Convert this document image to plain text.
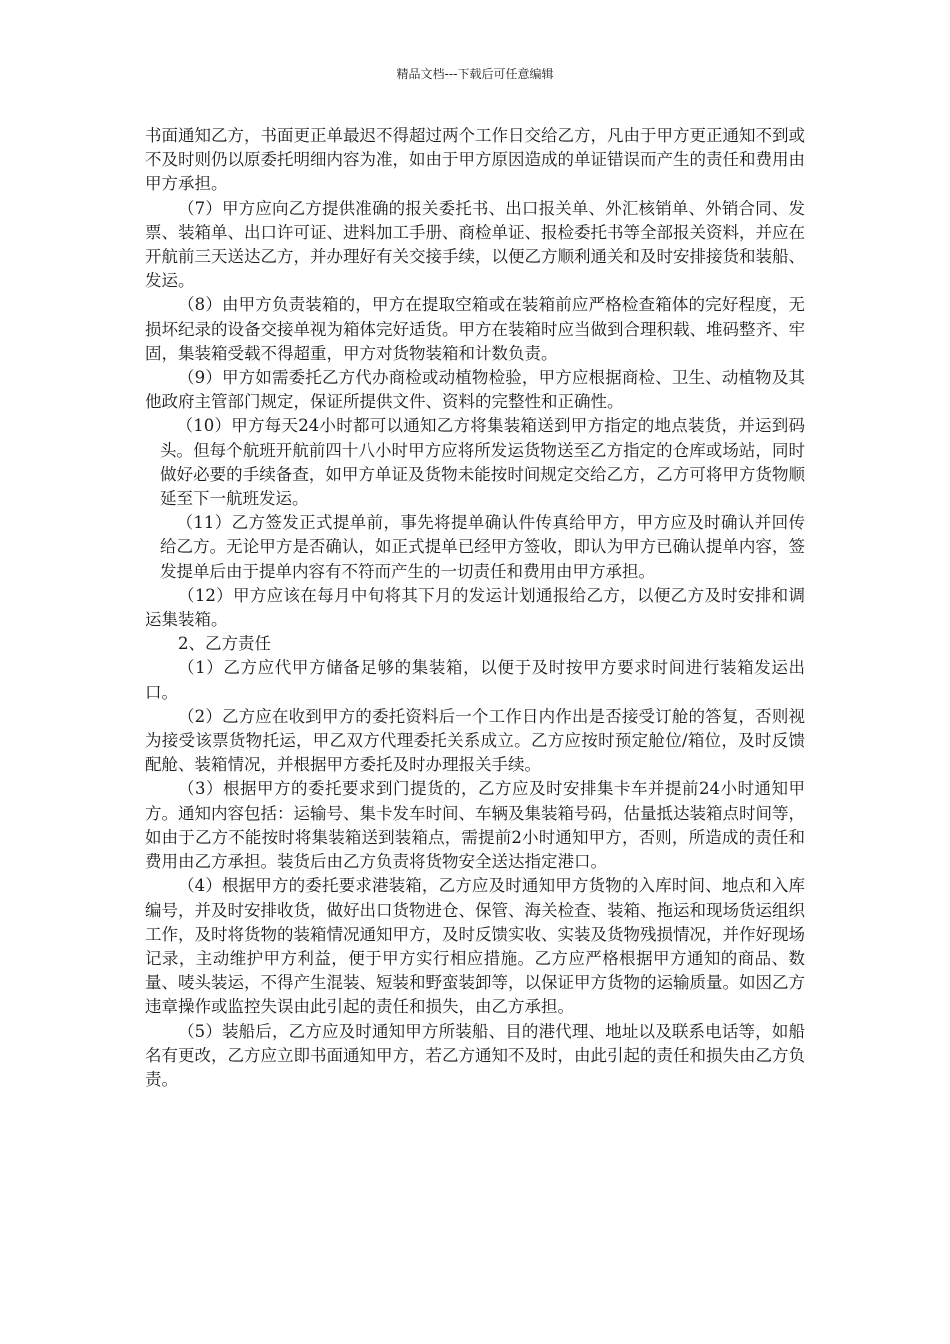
精品文档---下载后可任意编辑

书面通知乙方，书面更正单最迟不得超过两个工作日交给乙方，凡由于甲方更正通知不到或不及时则仍以原委托明细内容为准，如由于甲方原因造成的单证错误而产生的责任和费用由甲方承担。

（7）甲方应向乙方提供准确的报关委托书、出口报关单、外汇核销单、外销合同、发票、装箱单、出口许可证、进料加工手册、商检单证、报检委托书等全部报关资料，并应在开航前三天送达乙方，并办理好有关交接手续，以便乙方顺利通关和及时安排接货和装船、发运。

（8）由甲方负责装箱的，甲方在提取空箱或在装箱前应严格检查箱体的完好程度，无损坏纪录的设备交接单视为箱体完好适货。甲方在装箱时应当做到合理积载、堆码整齐、牢固，集装箱受载不得超重，甲方对货物装箱和计数负责。

（9）甲方如需委托乙方代办商检或动植物检验，甲方应根据商检、卫生、动植物及其他政府主管部门规定，保证所提供文件、资料的完整性和正确性。

（10）甲方每天24小时都可以通知乙方将集装箱送到甲方指定的地点装货，并运到码头。但每个航班开航前四十八小时甲方应将所发运货物送至乙方指定的仓库或场站，同时做好必要的手续备查，如甲方单证及货物未能按时间规定交给乙方，乙方可将甲方货物顺延至下一航班发运。

（11）乙方签发正式提单前，事先将提单确认件传真给甲方，甲方应及时确认并回传给乙方。无论甲方是否确认，如正式提单已经甲方签收，即认为甲方已确认提单内容，签发提单后由于提单内容有不符而产生的一切责任和费用由甲方承担。

（12）甲方应该在每月中旬将其下月的发运计划通报给乙方，以便乙方及时安排和调运集装箱。

2、乙方责任

（1）乙方应代甲方储备足够的集装箱，以便于及时按甲方要求时间进行装箱发运出口。

（2）乙方应在收到甲方的委托资料后一个工作日内作出是否接受订舱的答复，否则视为接受该票货物托运，甲乙双方代理委托关系成立。乙方应按时预定舱位/箱位，及时反馈配舱、装箱情况，并根据甲方委托及时办理报关手续。

（3）根据甲方的委托要求到门提货的，乙方应及时安排集卡车并提前24小时通知甲方。通知内容包括：运输号、集卡发车时间、车辆及集装箱号码，估量抵达装箱点时间等，如由于乙方不能按时将集装箱送到装箱点，需提前2小时通知甲方，否则，所造成的责任和费用由乙方承担。装货后由乙方负责将货物安全送达指定港口。

（4）根据甲方的委托要求港装箱，乙方应及时通知甲方货物的入库时间、地点和入库编号，并及时安排收货，做好出口货物进仓、保管、海关检查、装箱、拖运和现场货运组织工作，及时将货物的装箱情况通知甲方，及时反馈实收、实装及货物残损情况，并作好现场记录，主动维护甲方利益，便于甲方实行相应措施。乙方应严格根据甲方通知的商品、数量、唛头装运，不得产生混装、短装和野蛮装卸等，以保证甲方货物的运输质量。如因乙方违章操作或监控失误由此引起的责任和损失，由乙方承担。

（5）装船后，乙方应及时通知甲方所装船、目的港代理、地址以及联系电话等，如船名有更改，乙方应立即书面通知甲方，若乙方通知不及时，由此引起的责任和损失由乙方负责。
